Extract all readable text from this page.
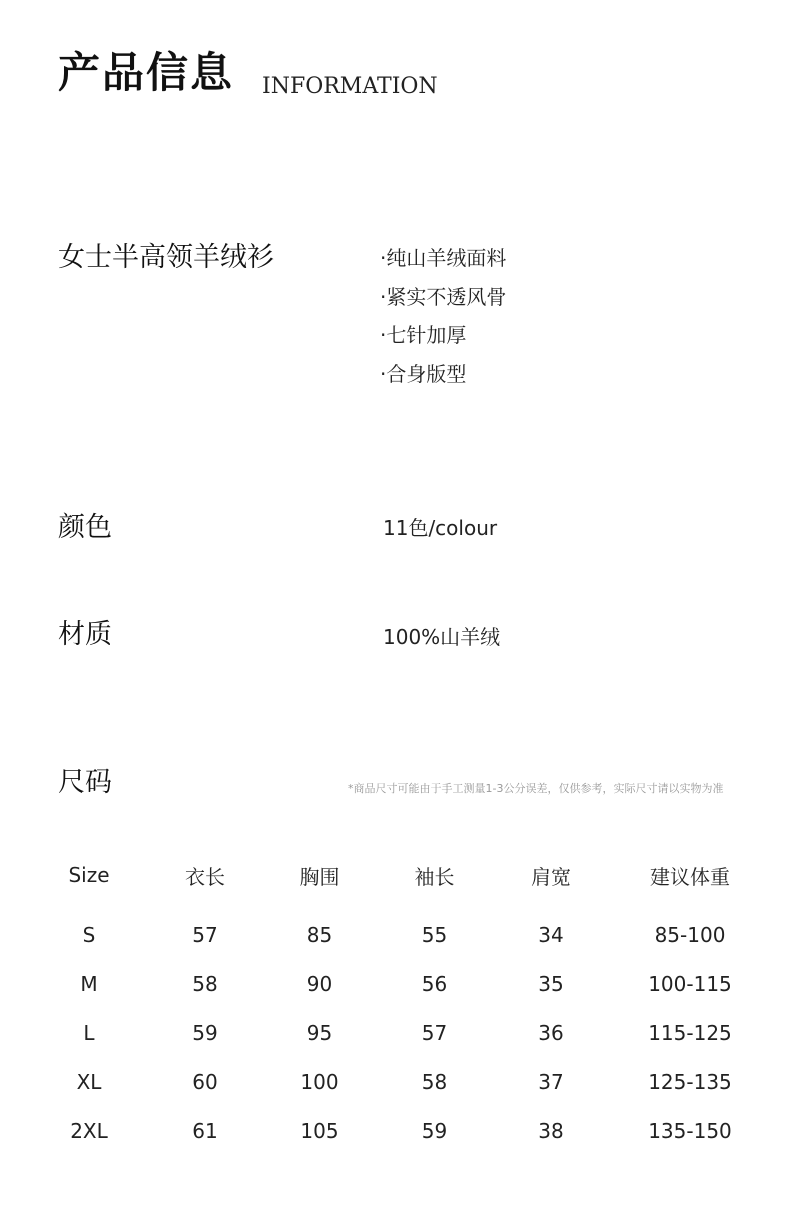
产品信息 INFORMATION
女士半高领羊绒衫	·纯山羊绒面料
·紧实不透风骨
·七针加厚
·合身版型
颜色	11色/colour
材质	100%山羊绒
尺码	*商品尺寸可能由于手工测量1-3公分误差，仅供参考，实际尺寸请以实物为准
Size	衣长	胸围	袖长	肩宽	建议体重
S	57	85	55	34	85-100
M	58	90	56	35	100-115
L	59	95	57	36	115-125
XL	60	100	58	37	125-135
2XL	61	105	59	38	135-150
